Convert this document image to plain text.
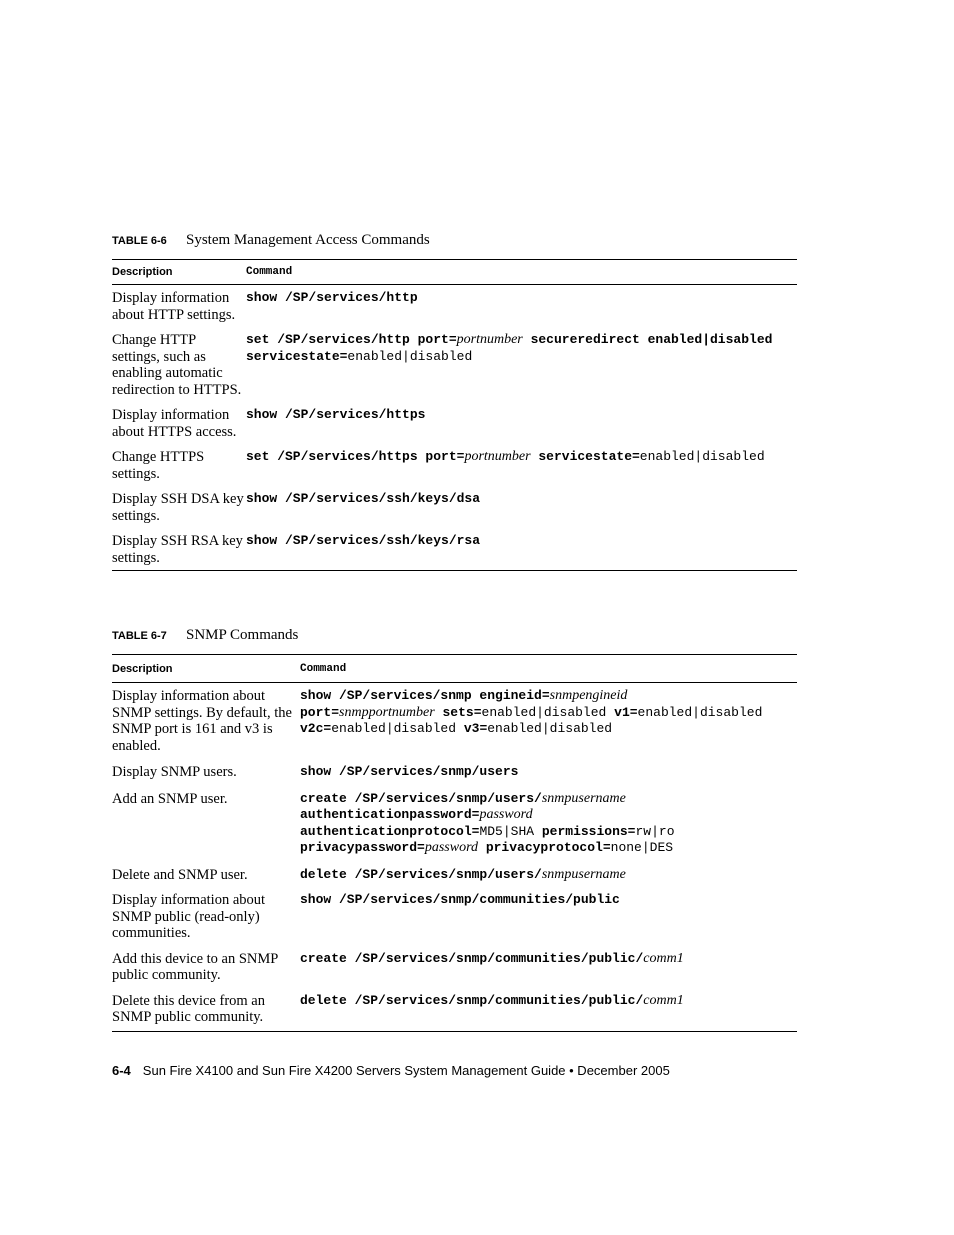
TABLE 6-6 System Management Access Commands
Description	Command
Display information about HTTP settings.	show /SP/services/http
Change HTTP settings, such as enabling automatic redirection to HTTPS.	set /SP/services/http port=portnumber secureredirect enabled|disabled servicestate=enabled|disabled
Display information about HTTPS access.	show /SP/services/https
Change HTTPS settings.	set /SP/services/https port=portnumber servicestate=enabled|disabled
Display SSH DSA key settings.	show /SP/services/ssh/keys/dsa
Display SSH RSA key settings.	show /SP/services/ssh/keys/rsa
TABLE 6-7 SNMP Commands
Description	Command
Display information about SNMP settings. By default, the SNMP port is 161 and v3 is enabled.	show /SP/services/snmp engineid=snmpengineid
port=snmpportnumber sets=enabled|disabled v1=enabled|disabled
v2c=enabled|disabled v3=enabled|disabled
Display SNMP users.	show /SP/services/snmp/users
Add an SNMP user.	create /SP/services/snmp/users/snmpusername
authenticationpassword=password
authenticationprotocol=MD5|SHA permissions=rw|ro
privacypassword=password privacyprotocol=none|DES
Delete and SNMP user.	delete /SP/services/snmp/users/snmpusername
Display information about SNMP public (read-only) communities.	show /SP/services/snmp/communities/public
Add this device to an SNMP public community.	create /SP/services/snmp/communities/public/comm1
Delete this device from an SNMP public community.	delete /SP/services/snmp/communities/public/comm1
6-4 Sun Fire X4100 and Sun Fire X4200 Servers System Management Guide • December 2005
